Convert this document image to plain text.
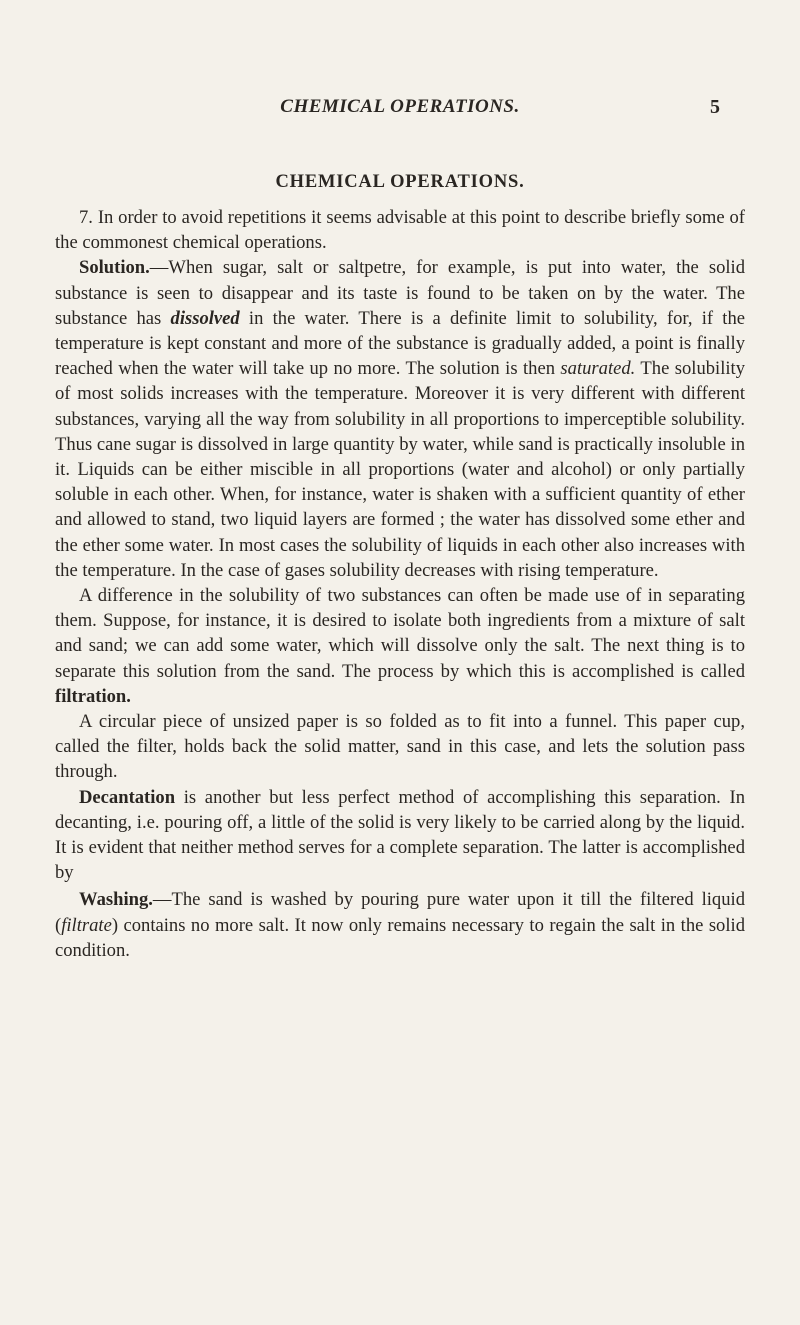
CHEMICAL OPERATIONS.	5
CHEMICAL OPERATIONS.

7. In order to avoid repetitions it seems advisable at this point to describe briefly some of the commonest chemical operations.

Solution.—When sugar, salt or saltpetre, for example, is put into water, the solid substance is seen to disappear and its taste is found to be taken on by the water. The substance has dissolved in the water. There is a definite limit to solubility, for, if the temperature is kept constant and more of the substance is gradually added, a point is finally reached when the water will take up no more. The solution is then saturated. The solubility of most solids increases with the temperature. Moreover it is very different with different substances, varying all the way from solubility in all proportions to imperceptible solubility. Thus cane sugar is dissolved in large quantity by water, while sand is practically insoluble in it. Liquids can be either miscible in all proportions (water and alcohol) or only partially soluble in each other. When, for instance, water is shaken with a sufficient quantity of ether and allowed to stand, two liquid layers are formed ; the water has dissolved some ether and the ether some water. In most cases the solubility of liquids in each other also increases with the temperature. In the case of gases solubility decreases with rising temperature.

A difference in the solubility of two substances can often be made use of in separating them. Suppose, for instance, it is desired to isolate both ingredients from a mixture of salt and sand; we can add some water, which will dissolve only the salt. The next thing is to separate this solution from the sand. The process by which this is accomplished is called filtration.

A circular piece of unsized paper is so folded as to fit into a funnel. This paper cup, called the filter, holds back the solid matter, sand in this case, and lets the solution pass through.

Decantation is another but less perfect method of accomplishing this separation. In decanting, i.e. pouring off, a little of the solid is very likely to be carried along by the liquid. It is evident that neither method serves for a complete separation. The latter is accomplished by

Washing.—The sand is washed by pouring pure water upon it till the filtered liquid (filtrate) contains no more salt. It now only remains necessary to regain the salt in the solid condition.
